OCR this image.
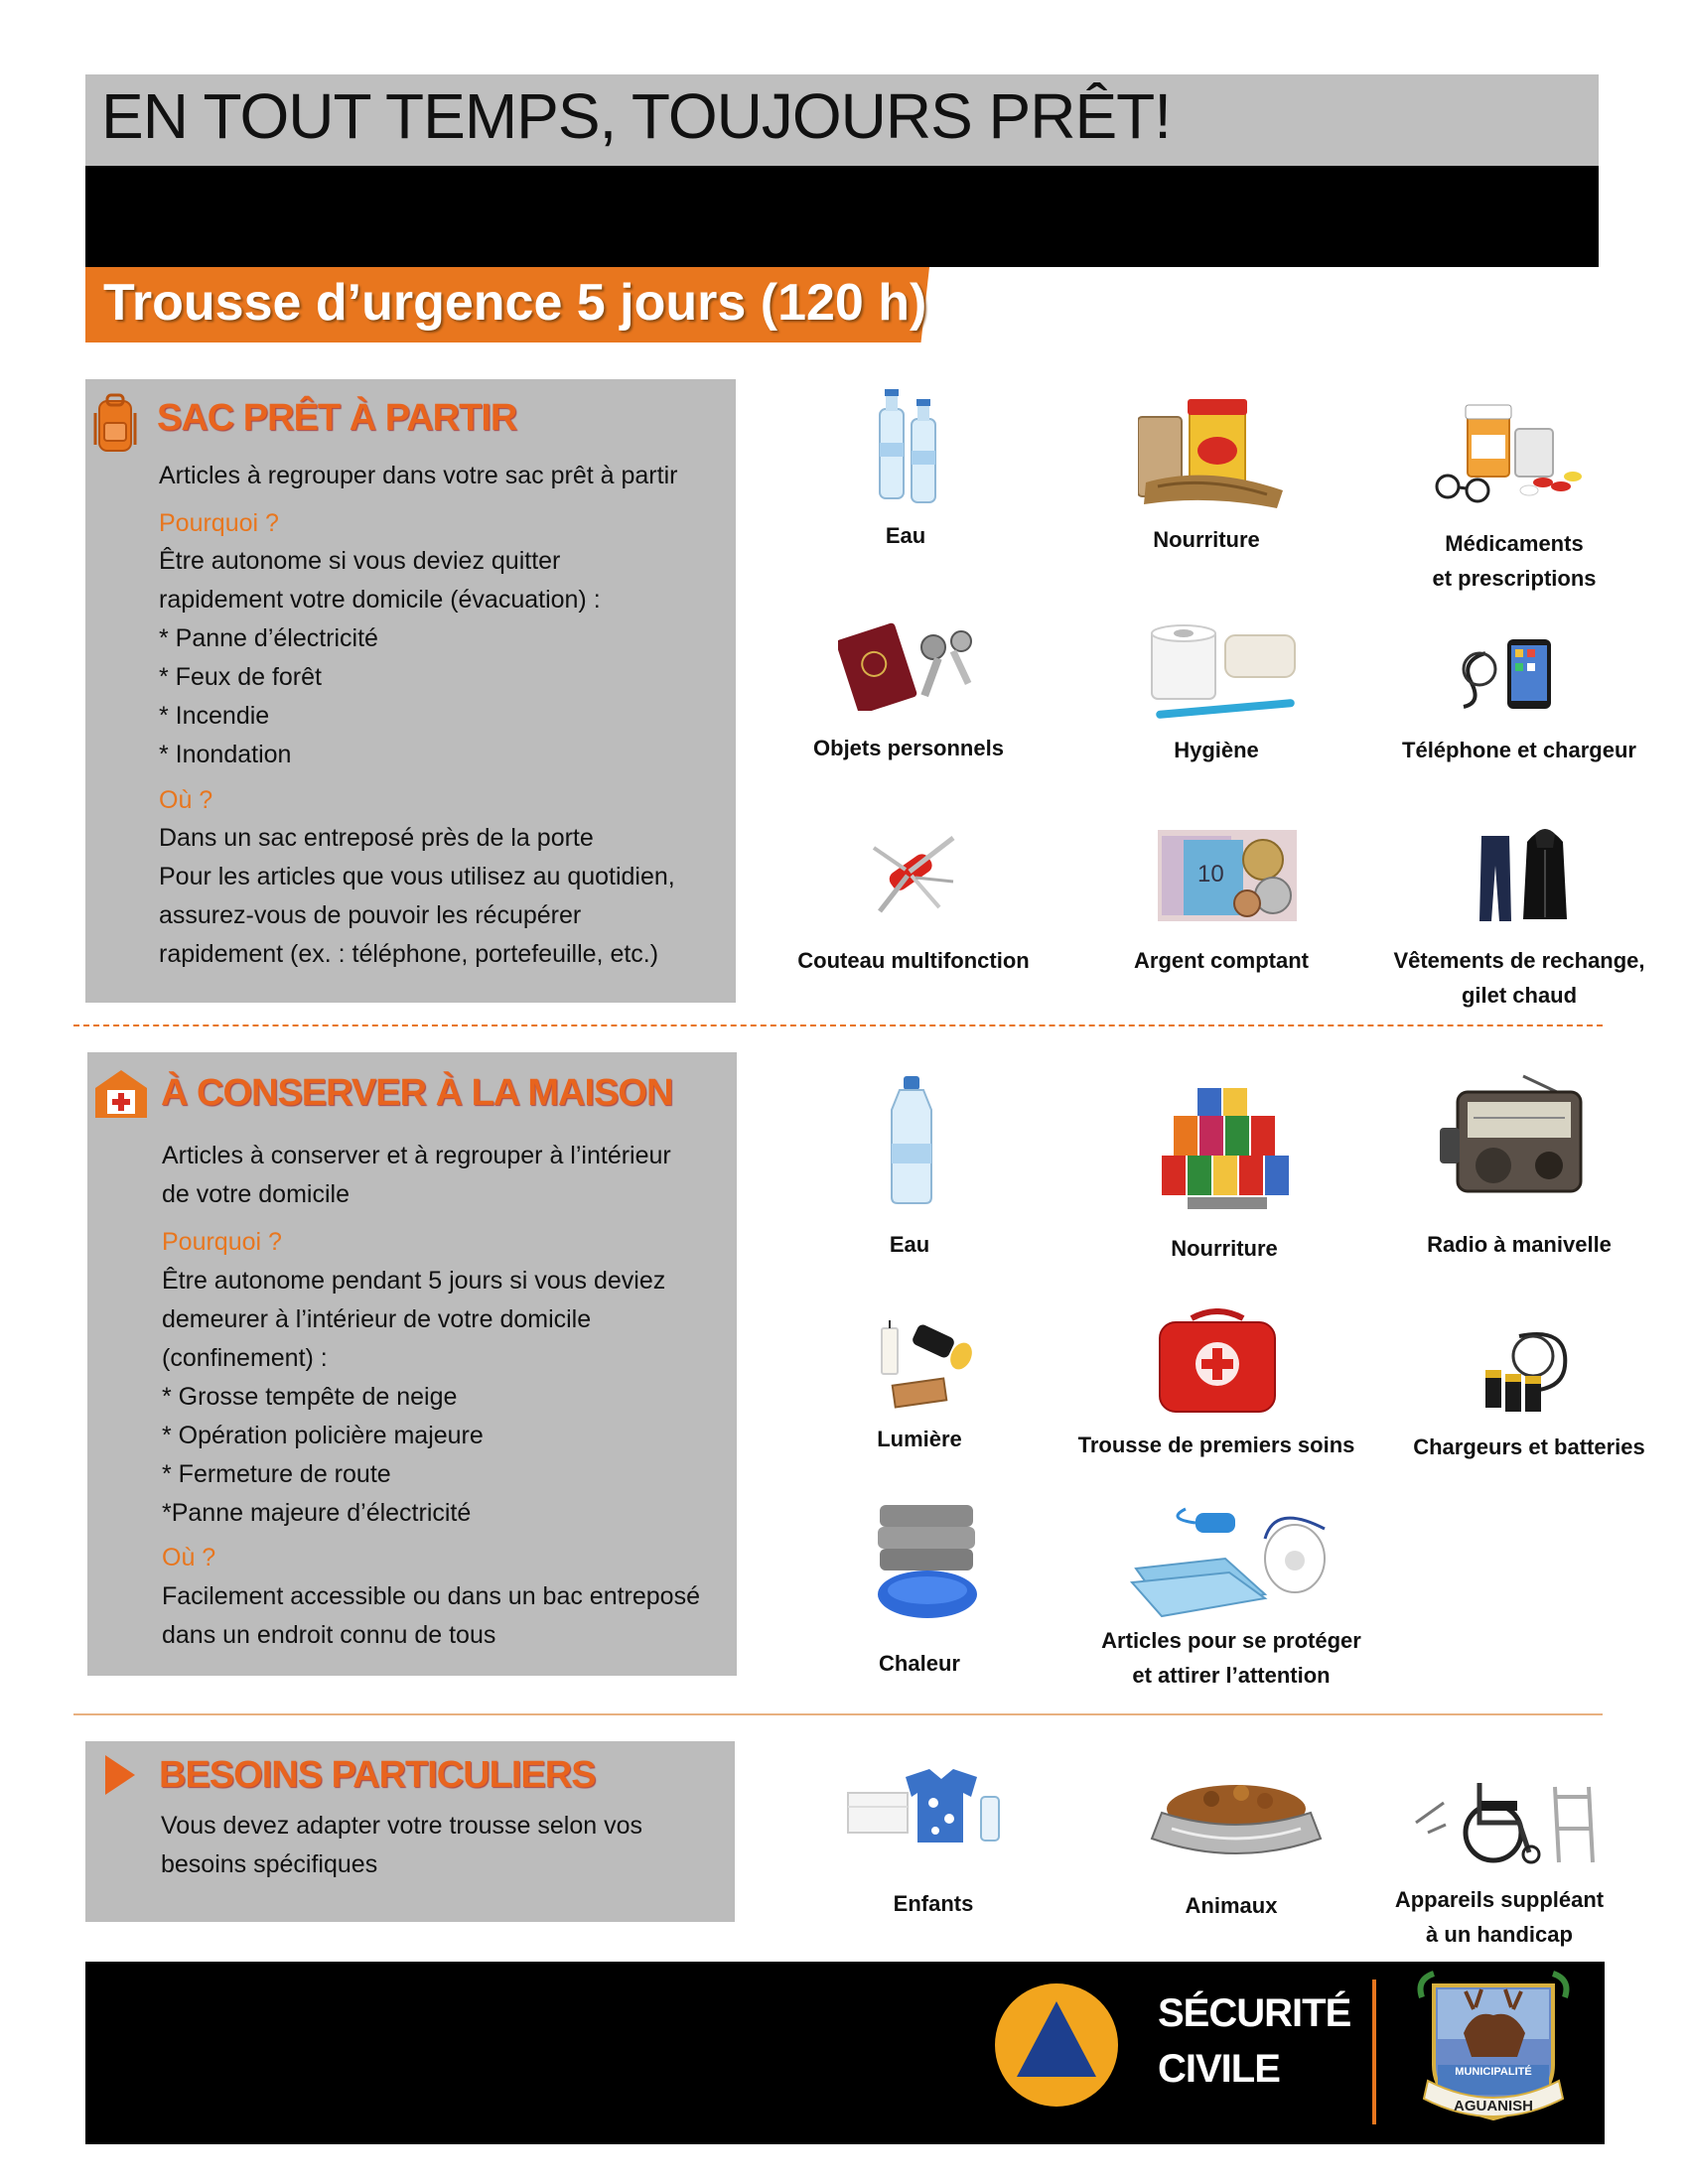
EN TOUT TEMPS, TOUJOURS PRÊT!
Trousse d’urgence 5 jours (120 h)
SAC PRÊT À PARTIR
Articles à regrouper dans votre sac prêt à partir
Pourquoi ?
Être autonome si vous deviez quitter
rapidement votre domicile (évacuation) :
* Panne d’électricité
* Feux de forêt
* Incendie
* Inondation
Où ?
Dans un sac entreposé près de la porte
Pour les articles que vous utilisez au quotidien,
assurez-vous de pouvoir les récupérer
rapidement (ex. : téléphone, portefeuille, etc.)
Eau	Nourriture	Médicaments
et prescriptions
Objets personnels	Hygiène	Téléphone et chargeur
Couteau multifonction
10
Argent comptant	Vêtements de rechange,
gilet chaud
À CONSERVER À LA MAISON
Articles à conserver et à regrouper à l’intérieur
de votre domicile
Pourquoi ?
Être autonome pendant 5 jours si vous deviez
demeurer à l’intérieur de votre domicile
(confinement) :
* Grosse tempête de neige
* Opération policière majeure
* Fermeture de route
*Panne majeure d’électricité
Où ?
Facilement accessible ou dans un bac entreposé
dans un endroit connu de tous
Eau	Nourriture	Radio à manivelle
Lumière	Trousse de premiers soins	Chargeurs et batteries
Chaleur
Articles pour se protéger
et attirer l’attention
BESOINS PARTICULIERS
Vous devez adapter votre trousse selon vos
besoins spécifiques
Enfants	Animaux	Appareils suppléant
à un handicap
SÉCURITÉ
CIVILE	MUNICIPALITÉ
AGUANISH
